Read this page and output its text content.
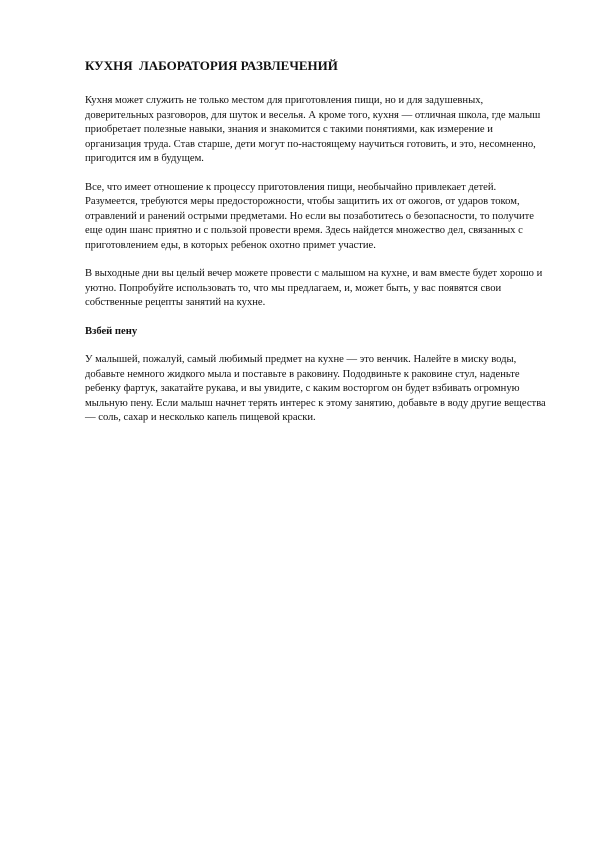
КУХНЯ  ЛАБОРАТОРИЯ РАЗВЛЕЧЕНИЙ

Кухня может служить не только местом для приготовления пищи, но и для задушевных, доверительных разговоров, для шуток и веселья. А кроме того, кухня — отличная школа, где малыш приобретает полезные навыки, знания и знакомится с такими понятиями, как измерение и организация труда. Став старше, дети могут по-настоящему научиться готовить, и это, несомненно, пригодится им в будущем.

Все, что имеет отношение к процессу приготовления пищи, необычайно привлекает детей. Разумеется, требуются меры предосторожности, чтобы защитить их от ожогов, от ударов током, отравлений и ранений острыми предметами. Но если вы позаботитесь о безопасности, то получите еще один шанс приятно и с пользой провести время. Здесь найдется множество дел, связанных с приготовлением еды, в которых ребенок охотно примет участие.

В выходные дни вы целый вечер можете провести с малышом на кухне, и вам вместе будет хорошо и уютно. Попробуйте использовать то, что мы предлагаем, и, может быть, у вас появятся свои собственные рецепты занятий на кухне.

Взбей пену

У малышей, пожалуй, самый любимый предмет на кухне — это венчик. Налейте в миску воды, добавьте немного жидкого мыла и поставьте в раковину. Пододвиньте к раковине стул, наденьте ребенку фартук, закатайте рукава, и вы увидите, с каким восторгом он будет взбивать огромную мыльную пену. Если малыш начнет терять интерес к этому занятию, добавьте в воду другие вещества — соль, сахар и несколько капель пищевой краски.
